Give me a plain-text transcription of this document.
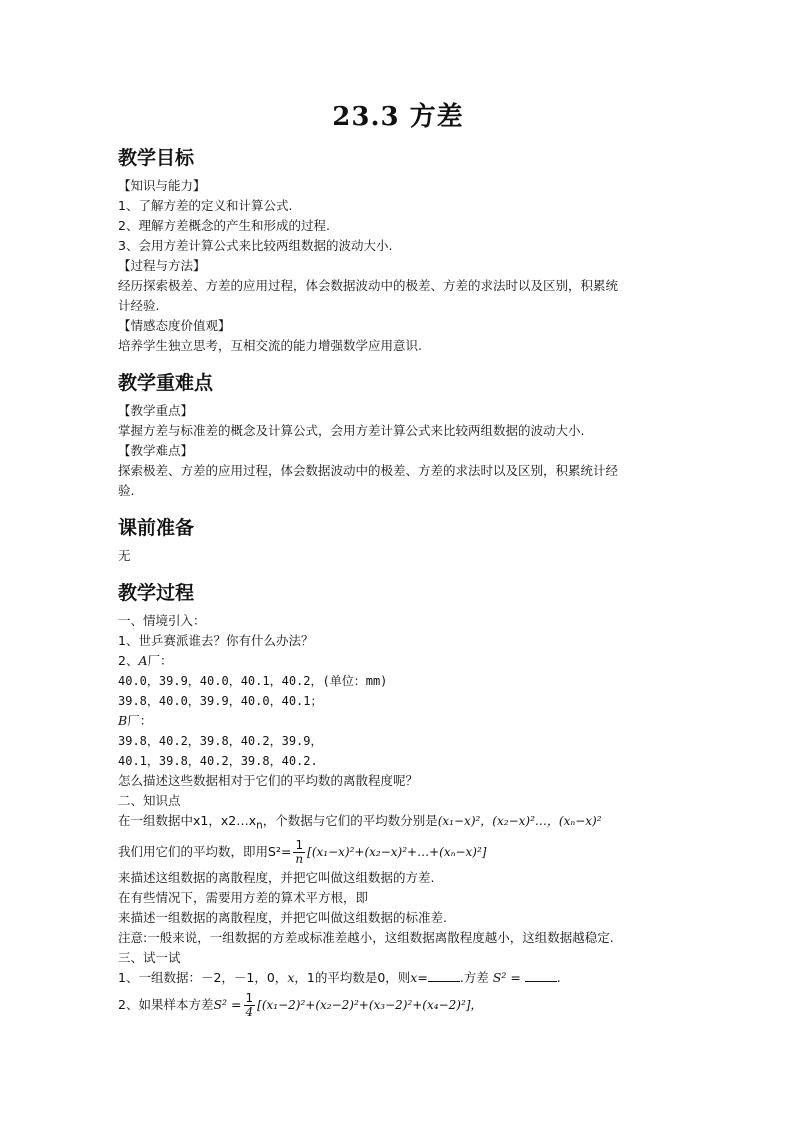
23.3 方差
教学目标

【知识与能力】

1、了解方差的定义和计算公式.

2、理解方差概念的产生和形成的过程.

3、会用方差计算公式来比较两组数据的波动大小.

【过程与方法】

经历探索极差、方差的应用过程，体会数据波动中的极差、方差的求法时以及区别，积累统

计经验.

【情感态度价值观】

培养学生独立思考，互相交流的能力增强数学应用意识.

教学重难点

【教学重点】

掌握方差与标准差的概念及计算公式，会用方差计算公式来比较两组数据的波动大小.

【教学难点】

探索极差、方差的应用过程，体会数据波动中的极差、方差的求法时以及区别，积累统计经

验.

课前准备

无

教学过程

一、情境引入：

1、世乒赛派谁去？你有什么办法？

2、A厂：

40.0，39.9，40.0，40.1，40.2，(单位：mm)

39.8，40.0，39.9，40.0，40.1；

B厂：

39.8，40.2，39.8，40.2，39.9，

40.1，39.8，40.2，39.8，40.2.

怎么描述这些数据相对于它们的平均数的离散程度呢？

二、知识点

在一组数据中x1，$x2\dots x_n$，个数据与它们的平均数分别是(x₁−x)²，(x₂−x)²…，(xₙ−x)²

我们用它们的平均数，即用$S^2= \frac{1}{n}$ [(x₁−x)²+(x₂−x)²+…+(xₙ−x)²]

来描述这组数据的离散程度，并把它叫做这组数据的方差.

在有些情况下，需要用方差的算术平方根，即

来描述一组数据的离散程度，并把它叫做这组数据的标准差.

注意:一般来说，一组数据的方差或标准差越小，这组数据离散程度越小，这组数据越稳定.

三、试一试

1、一组数据：－2，－1，0，x，1的平均数是0，则x=	.方差 S² =	.

2、如果样本方差$S^2 = \frac{1}{4} [(x_1-2)^2+(x_2-2)^2+(x_3-2)^2+(x_4-2)^2]$，
